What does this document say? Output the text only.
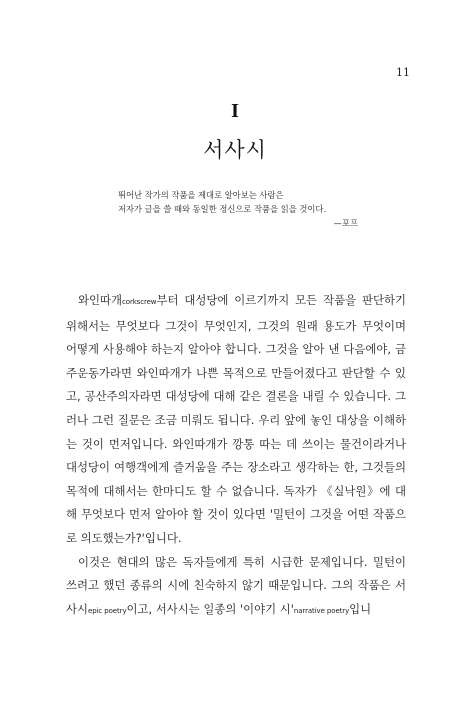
11
I
서사시
뛰어난 작가의 작품을 제대로 알아보는 사람은
저자가 글을 쓸 때와 동일한 정신으로 작품을 읽을 것이다.
—포프

와인따개corkscrew부터 대성당에 이르기까지 모든 작품을 판단하기 위해서는 무엇보다 그것이 무엇인지, 그것의 원래 용도가 무엇이며 어떻게 사용해야 하는지 알아야 합니다. 그것을 알아 낸 다음에야, 금주운동가라면 와인따개가 나쁜 목적으로 만들어졌다고 판단할 수 있고, 공산주의자라면 대성당에 대해 같은 결론을 내릴 수 있습니다. 그러나 그런 질문은 조금 미뤄도 됩니다. 우리 앞에 놓인 대상을 이해하는 것이 먼저입니다. 와인따개가 깡통 따는 데 쓰이는 물건이라거나 대성당이 여행객에게 즐거움을 주는 장소라고 생각하는 한, 그것들의 목적에 대해서는 한마디도 할 수 없습니다. 독자가 《실낙원》에 대해 무엇보다 먼저 알아야 할 것이 있다면 '밀턴이 그것을 어떤 작품으로 의도했는가?'입니다.

이것은 현대의 많은 독자들에게 특히 시급한 문제입니다. 밀턴이 쓰려고 했던 종류의 시에 친숙하지 않기 때문입니다. 그의 작품은 서사시epic poetry이고, 서사시는 일종의 '이야기 시'narrative poetry입니
